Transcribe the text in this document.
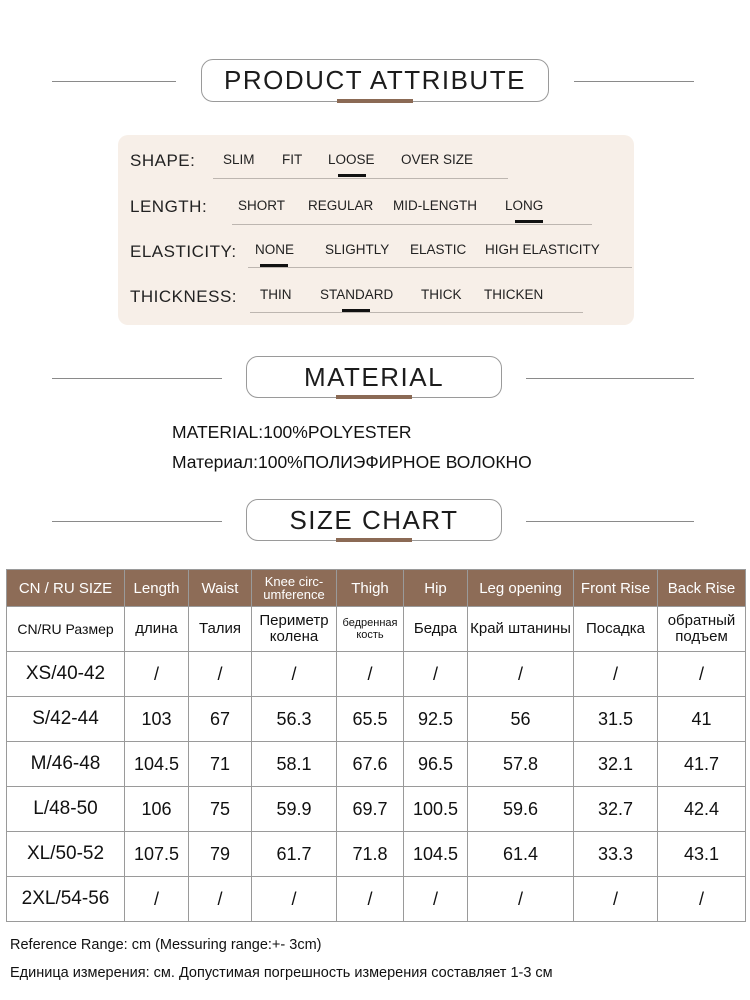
PRODUCT ATTRIBUTE
SHAPE: SLIM FIT LOOSE OVER SIZE
LENGTH: SHORT REGULAR MID-LENGTH LONG
ELASTICITY: NONE SLIGHTLY ELASTIC HIGH ELASTICITY
THICKNESS: THIN STANDARD THICK THICKEN
MATERIAL
MATERIAL:100%POLYESTER
Материал:100%ПОЛИЭФИРНОЕ ВОЛОКНО
SIZE CHART
CN / RU SIZE	Length	Waist	Knee circ-umference	Thigh	Hip	Leg opening	Front Rise	Back Rise
CN/RU Размер	длина	Талия	Периметр колена	бедренная кость	Бедра	Край штанины	Посадка	обратный подъем
XS/40-42	/	/	/	/	/	/	/	/
S/42-44	103	67	56.3	65.5	92.5	56	31.5	41
M/46-48	104.5	71	58.1	67.6	96.5	57.8	32.1	41.7
L/48-50	106	75	59.9	69.7	100.5	59.6	32.7	42.4
XL/50-52	107.5	79	61.7	71.8	104.5	61.4	33.3	43.1
2XL/54-56	/	/	/	/	/	/	/	/
Reference Range: cm (Messuring range:+- 3cm)
Единица измерения: см. Допустимая погрешность измерения составляет 1-3 см
